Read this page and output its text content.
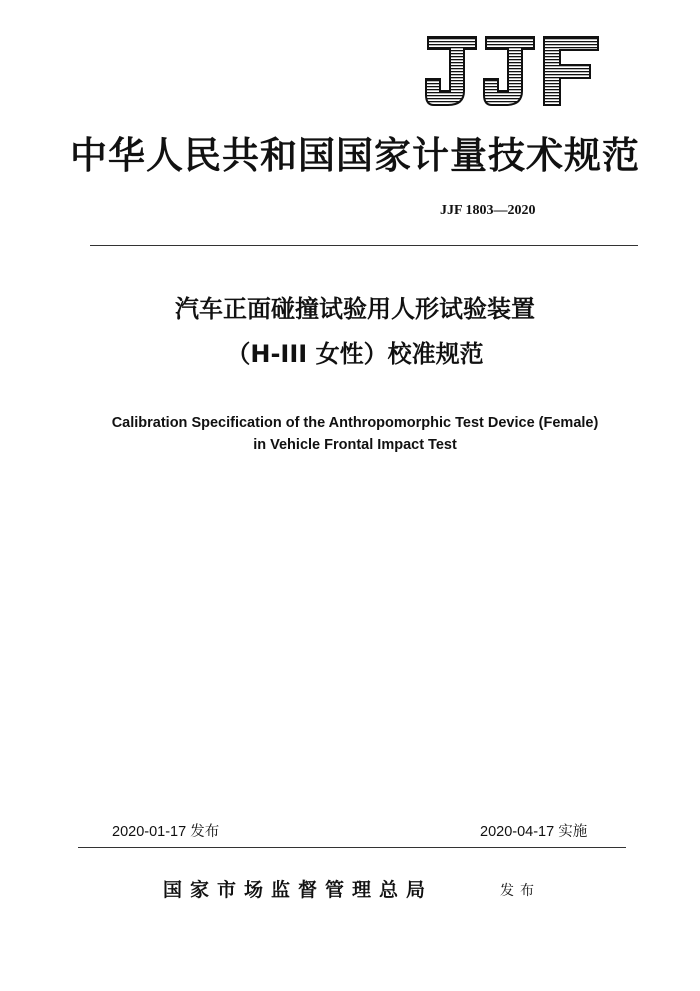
中华人民共和国国家计量技术规范
JJF 1803—2020
汽车正面碰撞试验用人形试验装置
（H-III 女性）校准规范
Calibration Specification of the Anthropomorphic Test Device (Female)
in Vehicle Frontal Impact Test
2020-01-17 发布	2020-04-17 实施
国家市场监督管理总局	发布
